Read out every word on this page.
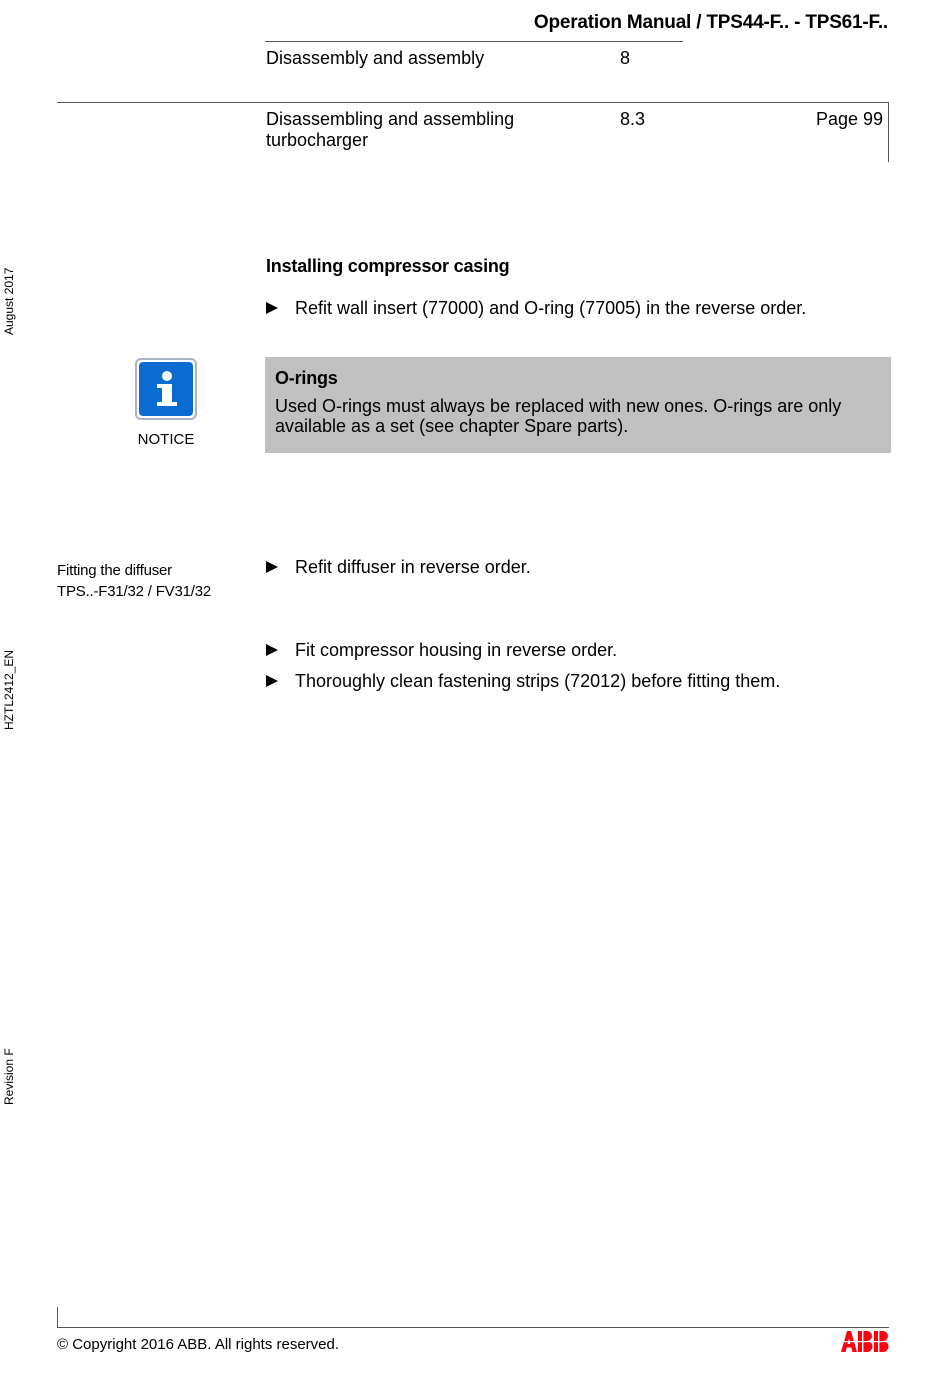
Operation Manual / TPS44-F.. - TPS61-F..
Disassembly and assembly	8
Disassembling and assembling
turbocharger
8.3	Page 99
August 2017
HZTL2412_EN
Revision F
Installing compressor casing
Refit wall insert (77000) and O-ring (77005) in the reverse order.
NOTICE
O-rings
Used O-rings must always be replaced with new ones. O-rings are only
available as a set (see chapter Spare parts).
Fitting the diffuser
TPS..-F31/32 / FV31/32
Refit diffuser in reverse order.
Fit compressor housing in reverse order.
Thoroughly clean fastening strips (72012) before fitting them.
© Copyright 2016 ABB. All rights reserved.
